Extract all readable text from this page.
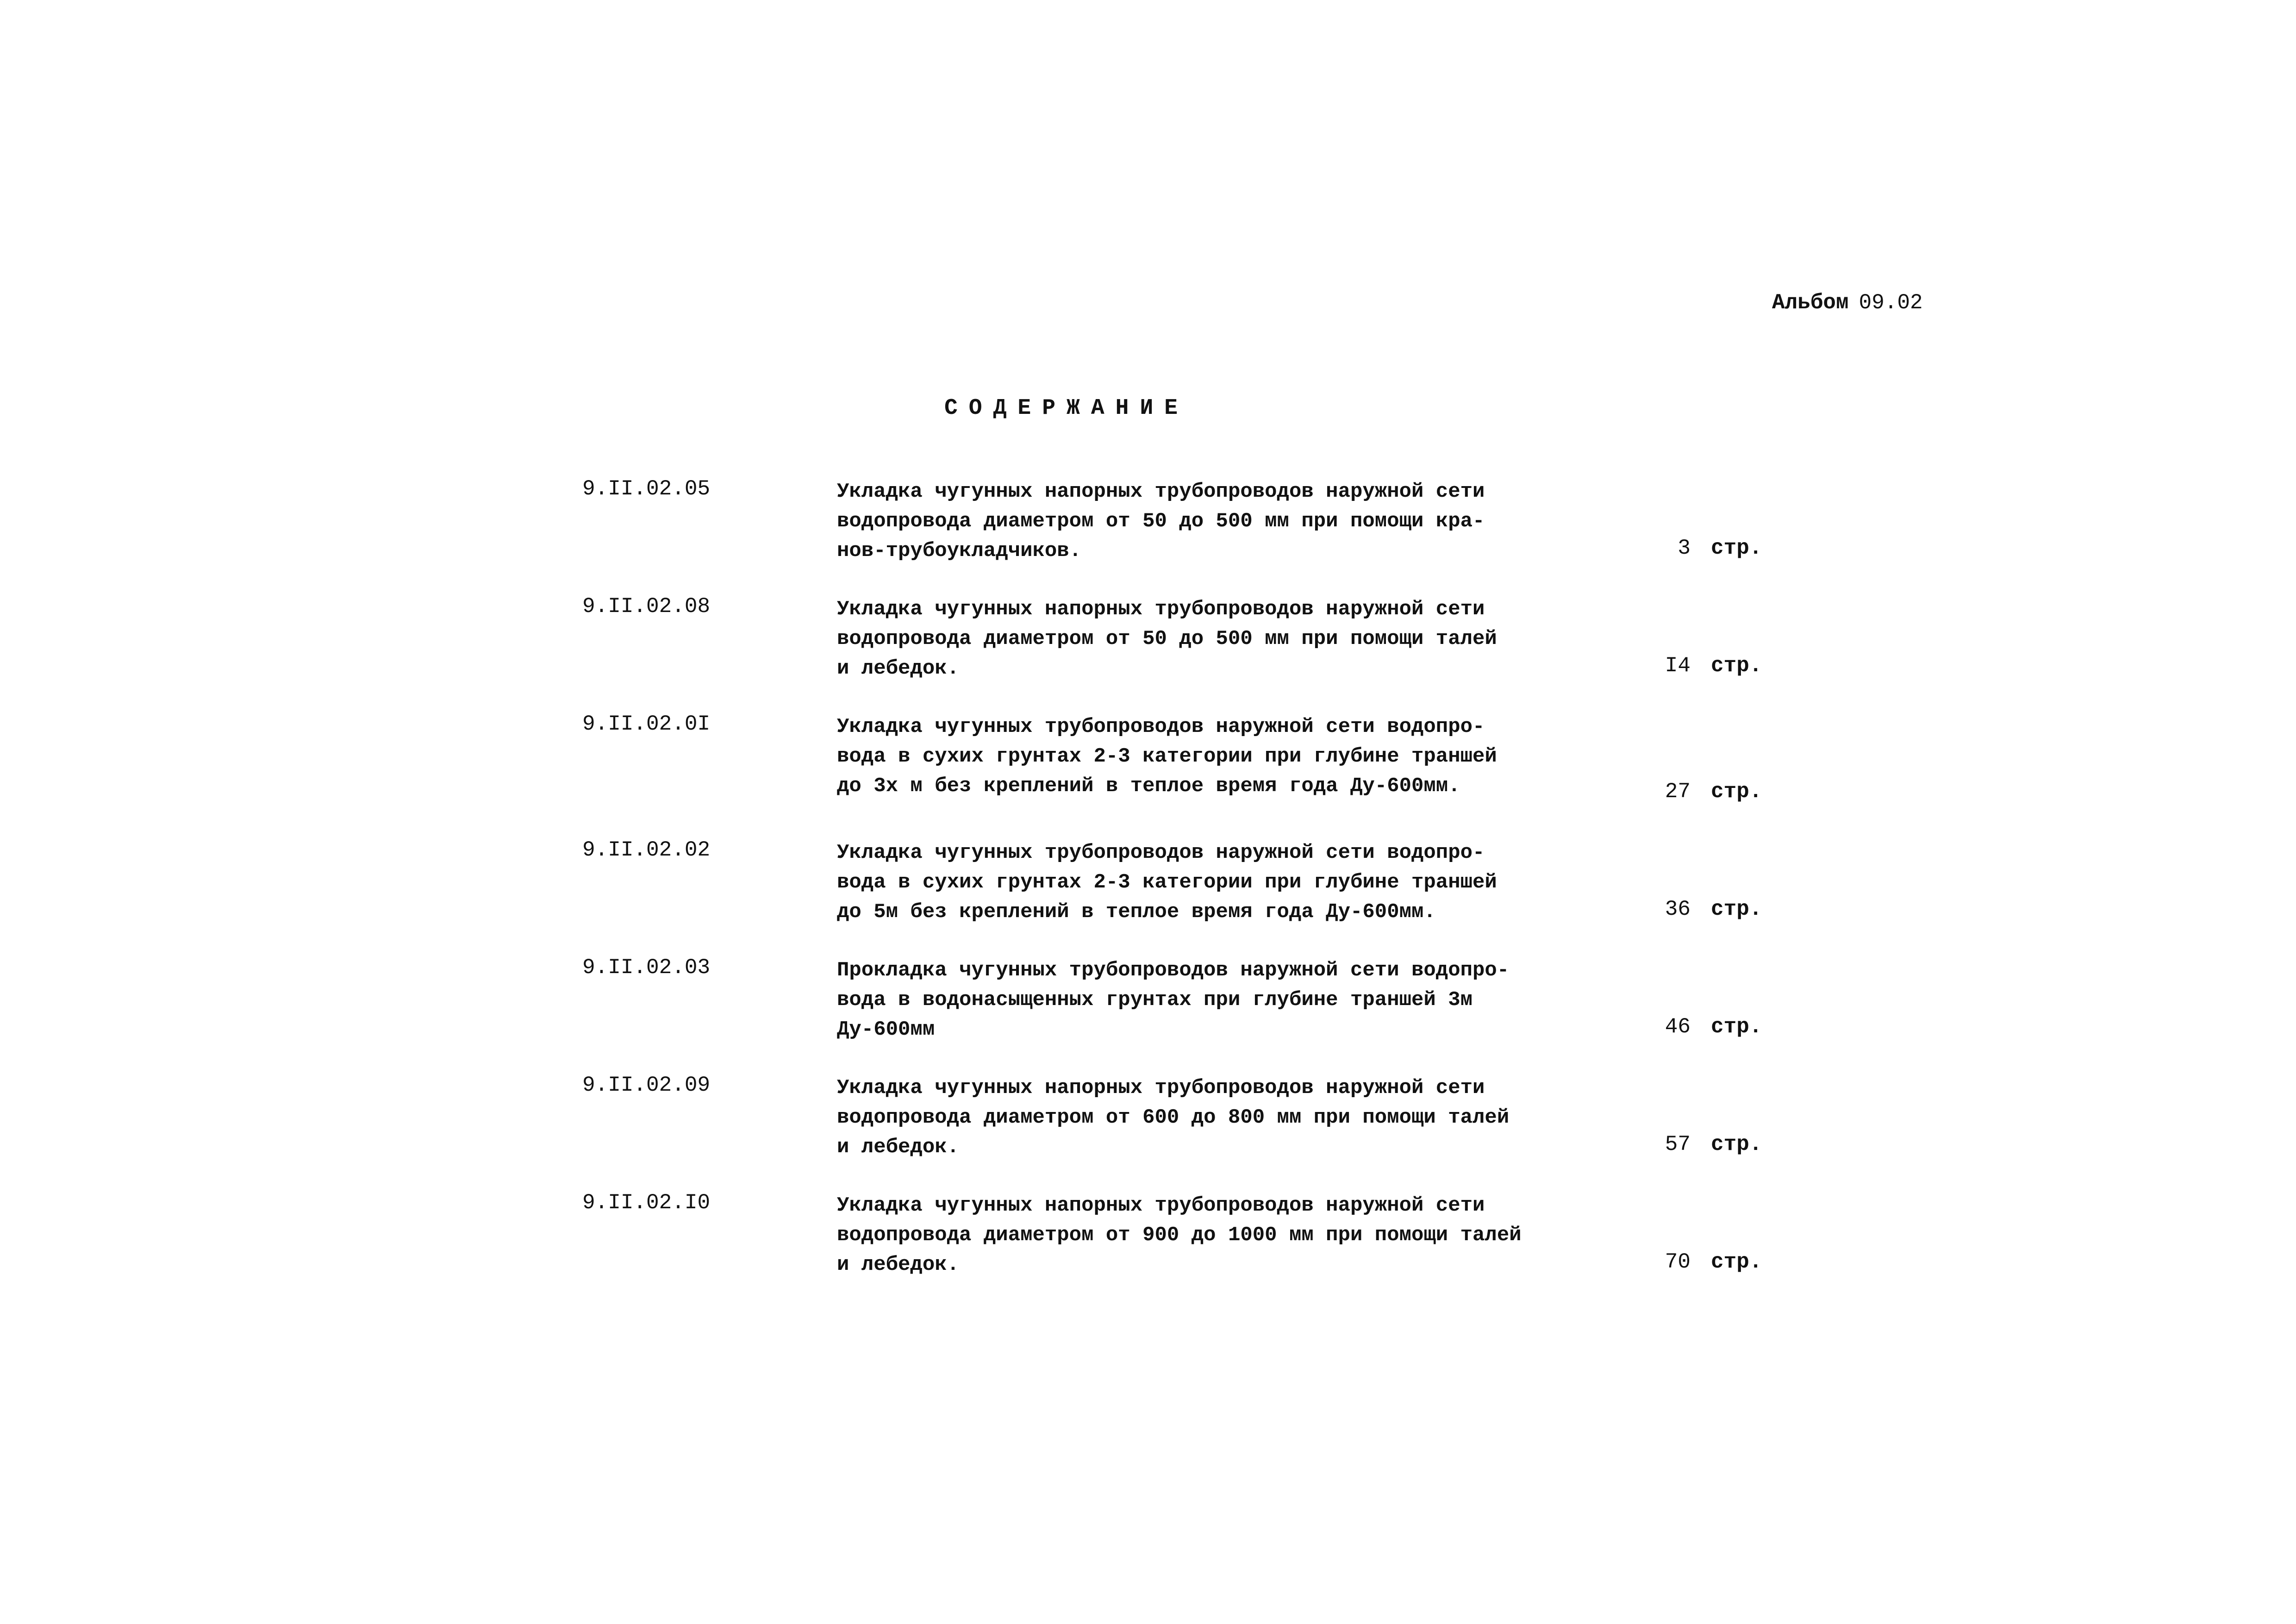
Альбом 09.02
СОДЕРЖАНИЕ
9.II.02.05	Укладка чугунных напорных трубопроводов наружной сети
водопровода диаметром от 50 до 500 мм при помощи кра-
нов-трубоукладчиков.	3 стр.
9.II.02.08	Укладка чугунных напорных трубопроводов наружной сети
водопровода диаметром от 50 до 500 мм при помощи талей
и лебедок.	I4 стр.
9.II.02.0I	Укладка чугунных трубопроводов наружной сети водопро-
вода в сухих грунтах 2-3 категории при глубине траншей
до 3х м без креплений в теплое время года Ду-600мм.	27 стр.
9.II.02.02	Укладка чугунных трубопроводов наружной сети водопро-
вода в сухих грунтах 2-3 категории при глубине траншей
до 5м без креплений в теплое время года Ду-600мм.	36 стр.
9.II.02.03	Прокладка чугунных трубопроводов наружной сети водопро-
вода в водонасыщенных грунтах при глубине траншей 3м
Ду-600мм	46 стр.
9.II.02.09	Укладка чугунных напорных трубопроводов наружной сети
водопровода диаметром от 600 до 800 мм при помощи талей
и лебедок.	57 стр.
9.II.02.I0	Укладка чугунных напорных трубопроводов наружной сети
водопровода диаметром от 900 до 1000 мм при помощи талей
и лебедок.	70 стр.
